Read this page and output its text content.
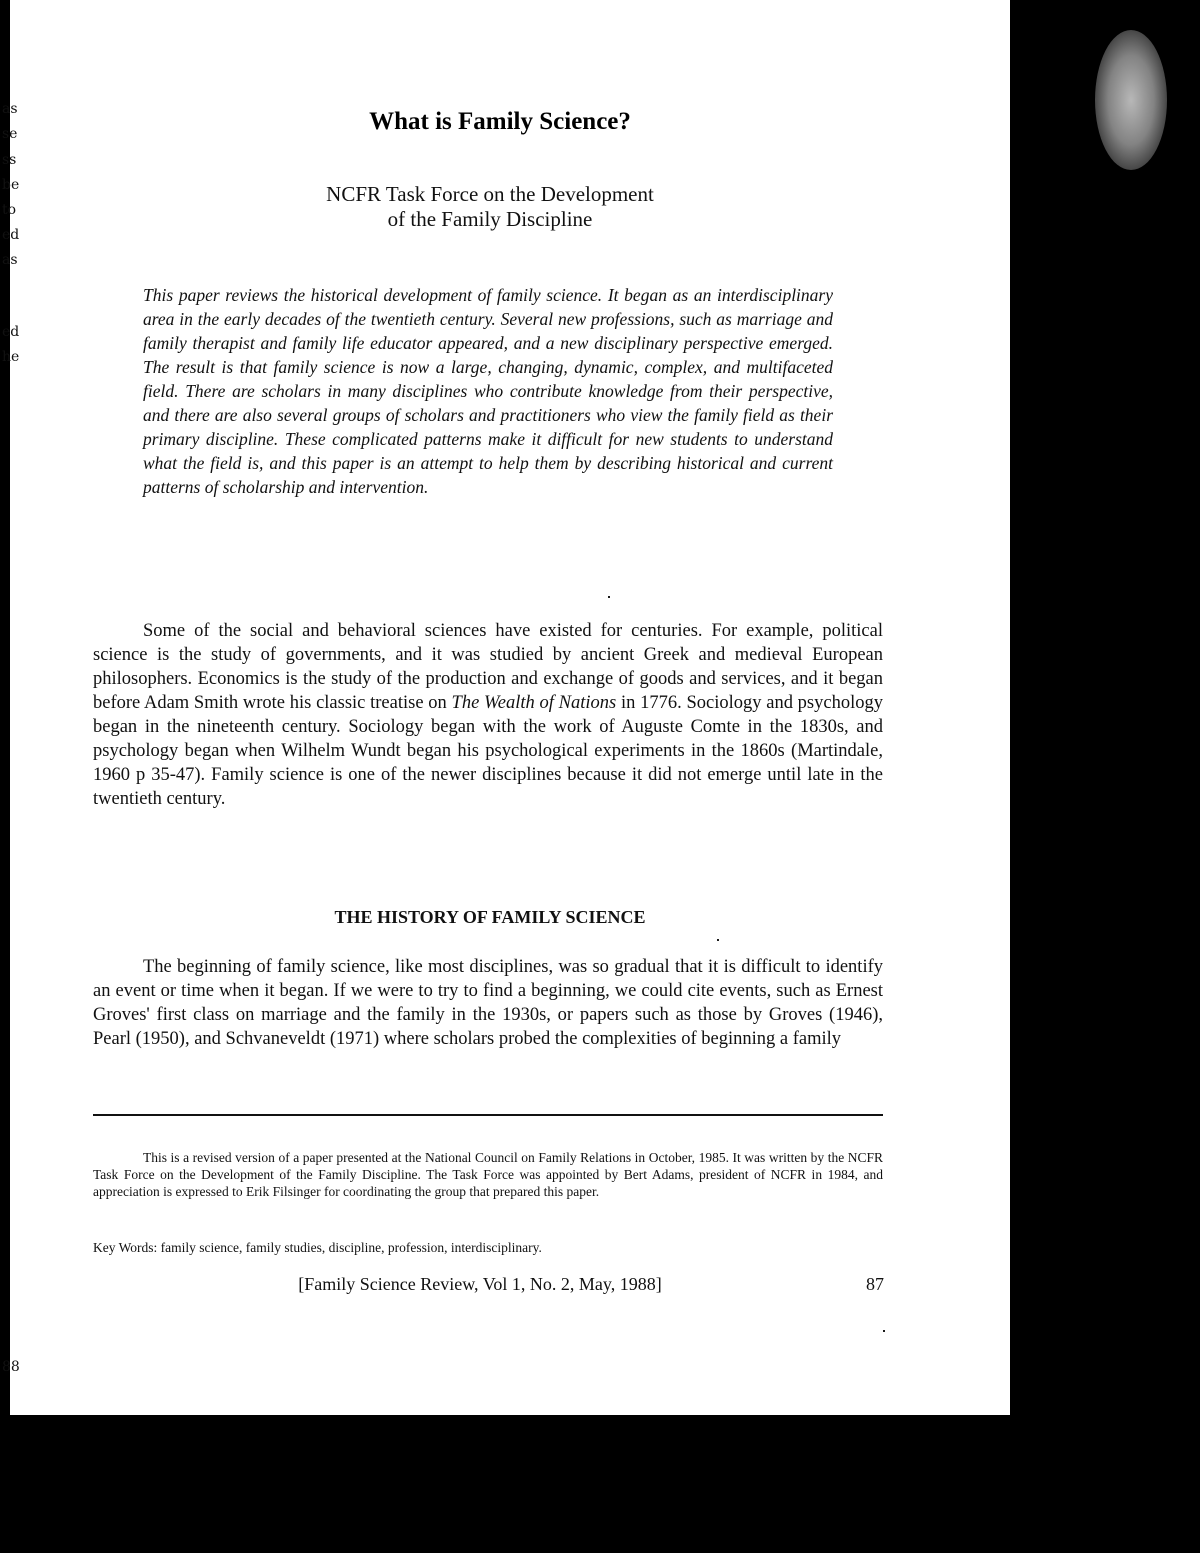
as
se
ss
be
to
ed
as
ed
he
88
What is Family Science?
NCFR Task Force on the Development
of the Family Discipline

This paper reviews the historical development of family science. It began as an interdisciplinary area in the early decades of the twentieth century. Several new professions, such as marriage and family therapist and family life educator appeared, and a new disciplinary perspective emerged. The result is that family science is now a large, changing, dynamic, complex, and multifaceted field. There are scholars in many disciplines who contribute knowledge from their perspective, and there are also several groups of scholars and practitioners who view the family field as their primary discipline. These complicated patterns make it difficult for new students to understand what the field is, and this paper is an attempt to help them by describing historical and current patterns of scholarship and intervention.

Some of the social and behavioral sciences have existed for centuries. For example, political science is the study of governments, and it was studied by ancient Greek and medieval European philosophers. Economics is the study of the production and exchange of goods and services, and it began before Adam Smith wrote his classic treatise on The Wealth of Nations in 1776. Sociology and psychology began in the nineteenth century. Sociology began with the work of Auguste Comte in the 1830s, and psychology began when Wilhelm Wundt began his psychological experiments in the 1860s (Martindale, 1960 p 35-47). Family science is one of the newer disciplines because it did not emerge until late in the twentieth century.

THE HISTORY OF FAMILY SCIENCE

The beginning of family science, like most disciplines, was so gradual that it is difficult to identify an event or time when it began. If we were to try to find a beginning, we could cite events, such as Ernest Groves' first class on marriage and the family in the 1930s, or papers such as those by Groves (1946), Pearl (1950), and Schvaneveldt (1971) where scholars probed the complexities of beginning a family

This is a revised version of a paper presented at the National Council on Family Relations in October, 1985. It was written by the NCFR Task Force on the Development of the Family Discipline. The Task Force was appointed by Bert Adams, president of NCFR in 1984, and appreciation is expressed to Erik Filsinger for coordinating the group that prepared this paper.

Key Words: family science, family studies, discipline, profession, interdisciplinary.

[Family Science Review, Vol 1, No. 2, May, 1988]	87
